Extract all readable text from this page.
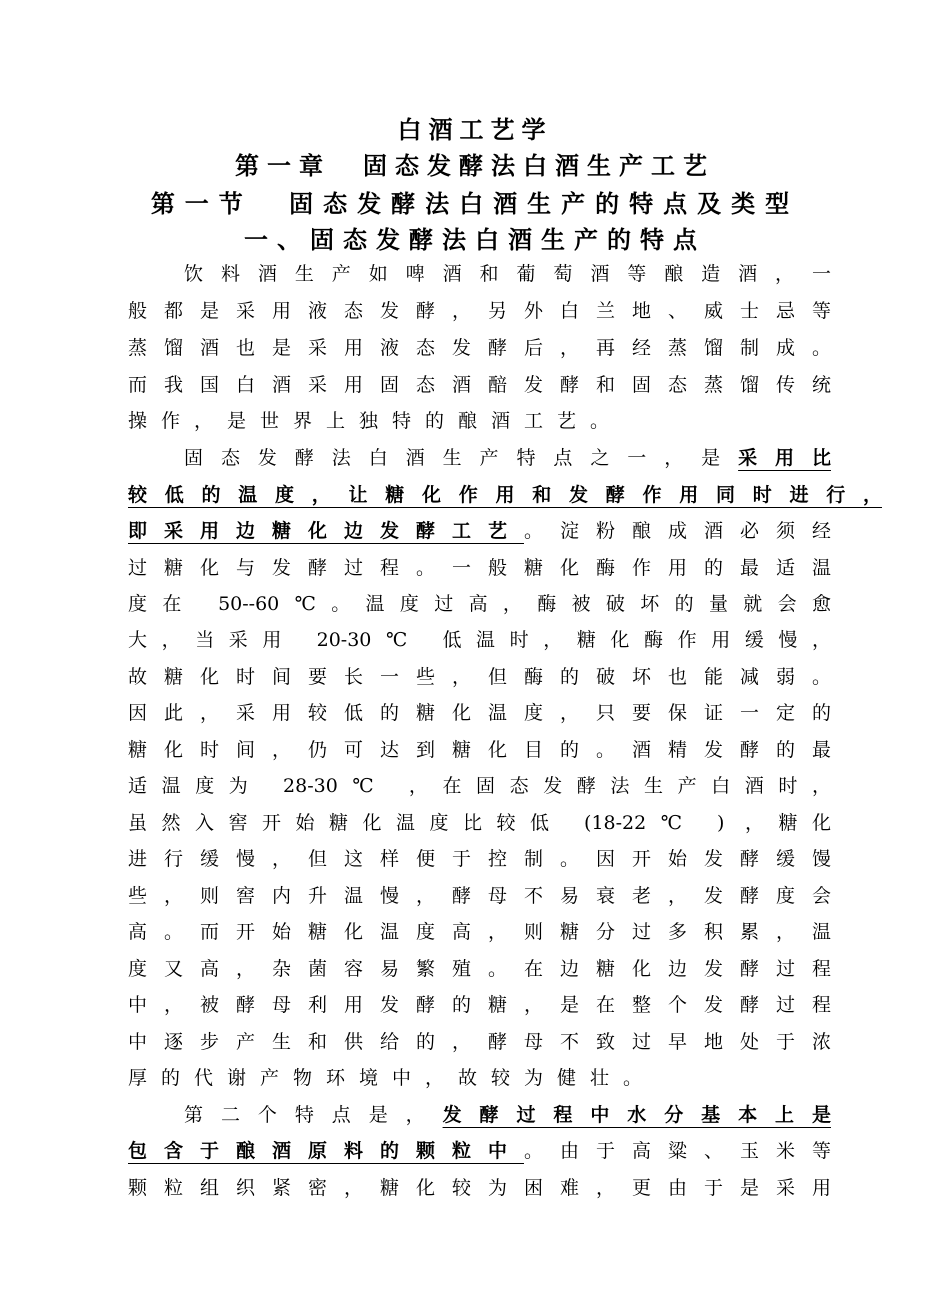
白酒工艺学
第一章　固态发酵法白酒生产工艺
第一节 固态发酵法白酒生产的特点及类型
一、固态发酵法白酒生产的特点
饮料酒生产如啤酒和葡萄酒等酿造酒，一
般都是采用液态发酵，另外白兰地、威士忌等
蒸馏酒也是采用液态发酵后，再经蒸馏制成。
而我国白酒采用固态酒醅发酵和固态蒸馏传统
操作，是世界上独特的酿酒工艺。
固态发酵法白酒生产特点之一，是采用比
较低的温度，让糖化作用和发酵作用同时进行，
即采用边糖化边发酵工艺。淀粉酿成酒必须经
过糖化与发酵过程。一般糖化酶作用的最适温
度在 50--60℃。温度过高，酶被破坏的量就会愈
大，当采用 20-30℃ 低温时，糖化酶作用缓慢，
故糖化时间要长一些，但酶的破坏也能减弱。
因此，采用较低的糖化温度，只要保证一定的
糖化时间，仍可达到糖化目的。酒精发酵的最
适温度为 28-30℃ ，在固态发酵法生产白酒时，
虽然入窖开始糖化温度比较低 (18-22℃ ) ，糖化
进行缓慢，但这样便于控制。因开始发酵缓馒
些，则窖内升温慢，酵母不易衰老，发酵度会
高。而开始糖化温度高，则糖分过多积累，温
度又高，杂菌容易繁殖。在边糖化边发酵过程
中，被酵母利用发酵的糖，是在整个发酵过程
中逐步产生和供给的，酵母不致过早地处于浓
厚的代谢产物环境中，故较为健壮。
第二个特点是，发酵过程中水分基本上是
包含于酿酒原料的颗粒中。由于高粱、玉米等
颗粒组织紧密，糖化较为困难，更由于是采用
